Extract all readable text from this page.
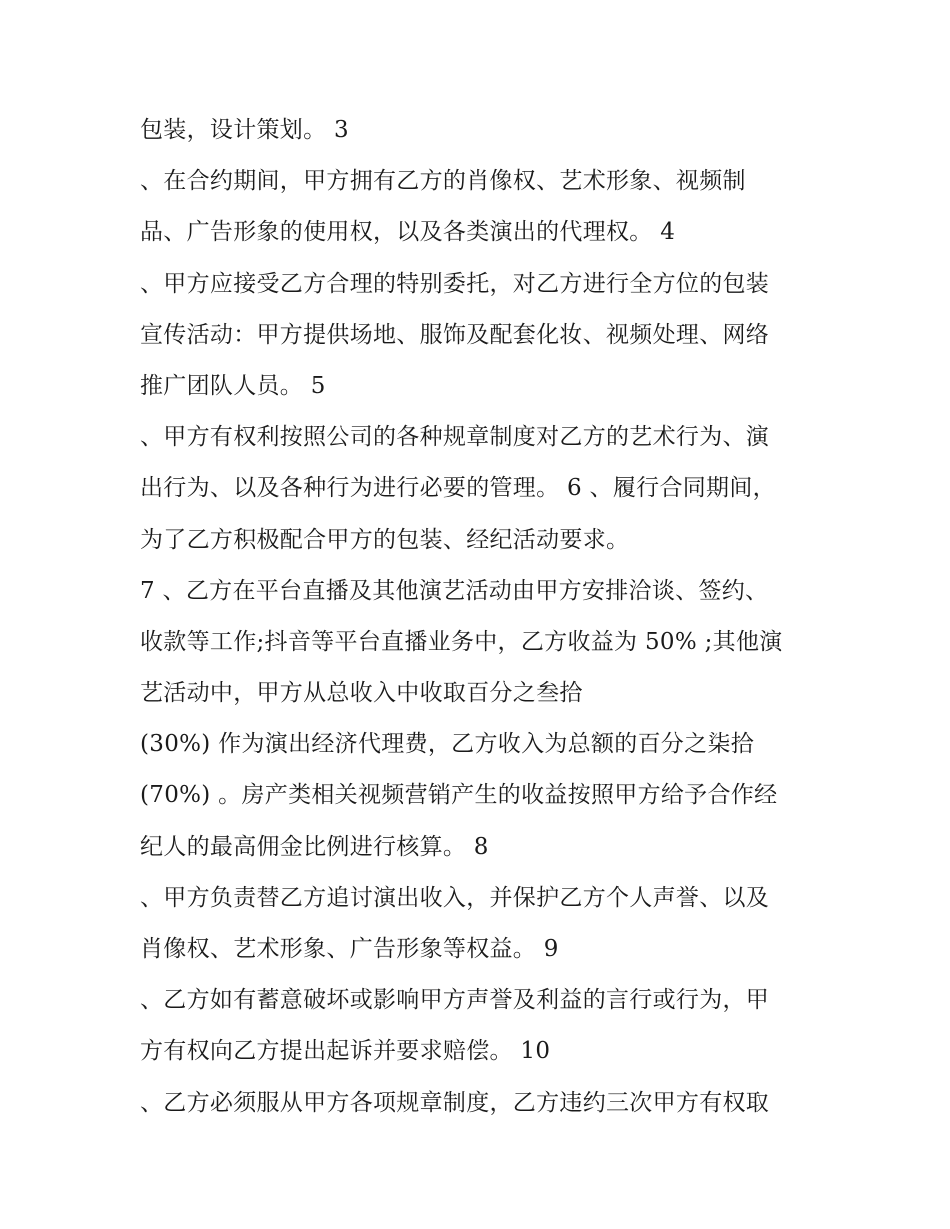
包装，设计策划。 3
、在合约期间，甲方拥有乙方的肖像权、艺术形象、视频制
品、广告形象的使用权，以及各类演出的代理权。 4
、甲方应接受乙方合理的特别委托，对乙方进行全方位的包装
宣传活动：甲方提供场地、服饰及配套化妆、视频处理、网络
推广团队人员。 5
、甲方有权利按照公司的各种规章制度对乙方的艺术行为、演
出行为、以及各种行为进行必要的管理。 6 、履行合同期间，
为了乙方积极配合甲方的包装、经纪活动要求。
7 、乙方在平台直播及其他演艺活动由甲方安排洽谈、签约、
收款等工作;抖音等平台直播业务中，乙方收益为 50% ;其他演
艺活动中，甲方从总收入中收取百分之叁拾
(30%) 作为演出经济代理费，乙方收入为总额的百分之柒拾
(70%) 。房产类相关视频营销产生的收益按照甲方给予合作经
纪人的最高佣金比例进行核算。 8
、甲方负责替乙方追讨演出收入，并保护乙方个人声誉、以及
肖像权、艺术形象、广告形象等权益。 9
、乙方如有蓄意破坏或影响甲方声誉及利益的言行或行为，甲
方有权向乙方提出起诉并要求赔偿。 10
、乙方必须服从甲方各项规章制度，乙方违约三次甲方有权取
